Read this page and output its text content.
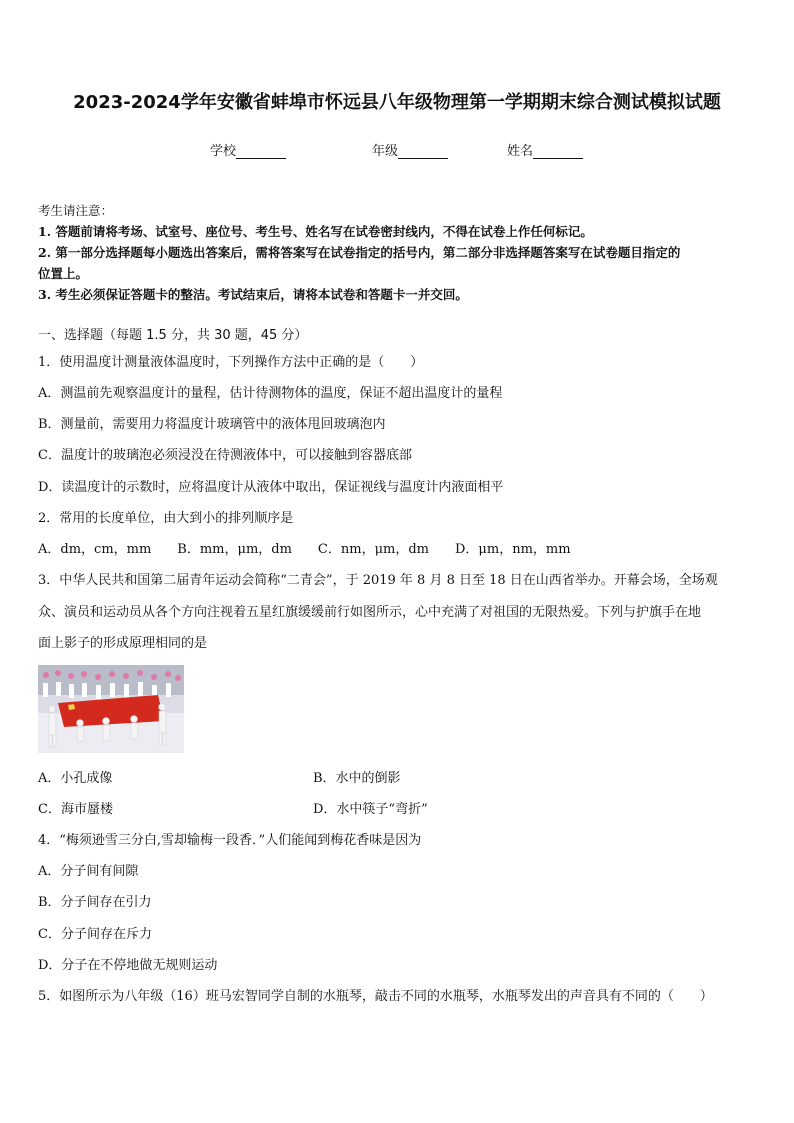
2023-2024学年安徽省蚌埠市怀远县八年级物理第一学期期末综合测试模拟试题
学校	年级	姓名
考生请注意：
1. 答题前请将考场、试室号、座位号、考生号、姓名写在试卷密封线内，不得在试卷上作任何标记。
2. 第一部分选择题每小题选出答案后，需将答案写在试卷指定的括号内，第二部分非选择题答案写在试卷题目指定的
位置上。
3. 考生必须保证答题卡的整洁。考试结束后，请将本试卷和答题卡一并交回。
一、选择题（每题 1.5 分，共 30 题，45 分）
1．使用温度计测量液体温度时，下列操作方法中正确的是（　　）
A．测温前先观察温度计的量程，估计待测物体的温度，保证不超出温度计的量程
B．测量前，需要用力将温度计玻璃管中的液体甩回玻璃泡内
C．温度计的玻璃泡必须浸没在待测液体中，可以接触到容器底部
D．读温度计的示数时，应将温度计从液体中取出，保证视线与温度计内液面相平
2．常用的长度单位，由大到小的排列顺序是
A．dm，cm，mm　　B．mm，μm，dm　　C．nm，μm，dm　　D．μm，nm，mm
3．中华人民共和国第二届青年运动会简称“二青会”，于 2019 年 8 月 8 日至 18 日在山西省举办。开幕会场，全场观
众、演员和运动员从各个方向注视着五星红旗缓缓前行如图所示，心中充满了对祖国的无限热爱。下列与护旗手在地
面上影子的形成原理相同的是
A．小孔成像	B．水中的倒影
C．海市蜃楼	D．水中筷子“弯折”
4．“梅须逊雪三分白,雪却输梅一段香．”人们能闻到梅花香味是因为
A．分子间有间隙
B．分子间存在引力
C．分子间存在斥力
D．分子在不停地做无规则运动
5．如图所示为八年级（16）班马宏智同学自制的水瓶琴，敲击不同的水瓶琴，水瓶琴发出的声音具有不同的（　　）
